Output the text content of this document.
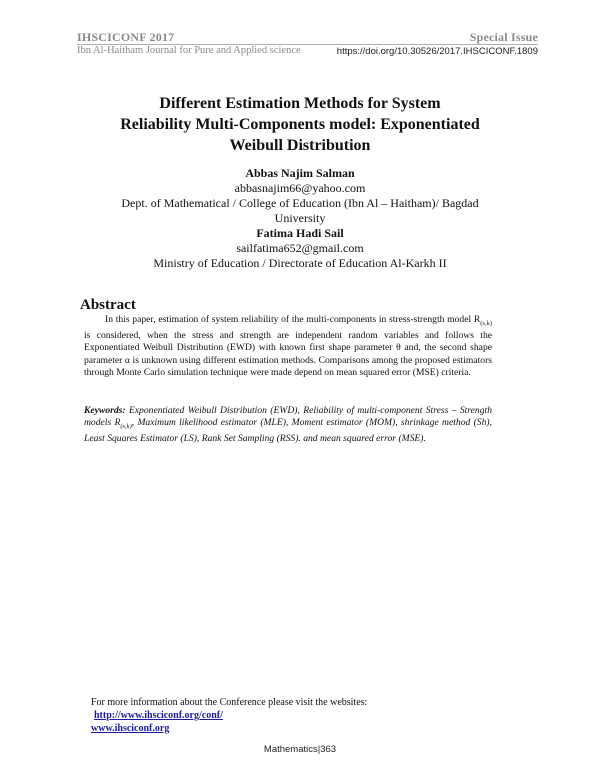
IHSCICONF 2017	Special Issue
Ibn Al-Haitham Journal for Pure and Applied science	https://doi.org/10.30526/2017.IHSCICONF.1809
Different Estimation Methods for System
Reliability Multi-Components model: Exponentiated
Weibull Distribution
Abbas Najim Salman
abbasnajim66@yahoo.com
Dept. of Mathematical / College of Education (Ibn Al – Haitham)/ Bagdad
University
Fatima Hadi Sail
sailfatima652@gmail.com
Ministry of Education / Directorate of Education Al-Karkh II
Abstract
In this paper, estimation of system reliability of the multi-components in stress-strength model $R_{(s,k)}$ is considered, when the stress and strength are independent random variables and follows the Exponentiated Weibull Distribution (EWD) with known first shape parameter θ and, the second shape parameter α is unknown using different estimation methods. Comparisons among the proposed estimators through Monte Carlo simulation technique were made depend on mean squared error (MSE) criteria.
Keywords: Exponentiated Weibull Distribution (EWD), Reliability of multi-component Stress – Strength models $R_{(s,k)}$, Maximum likelihood estimator (MLE), Moment estimator (MOM), shrinkage method (Sh), Least Squares Estimator (LS), Rank Set Sampling (RSS). and mean squared error (MSE).
For more information about the Conference please visit the websites:
http://www.ihsciconf.org/conf/
www.ihsciconf.org
Mathematics|363
